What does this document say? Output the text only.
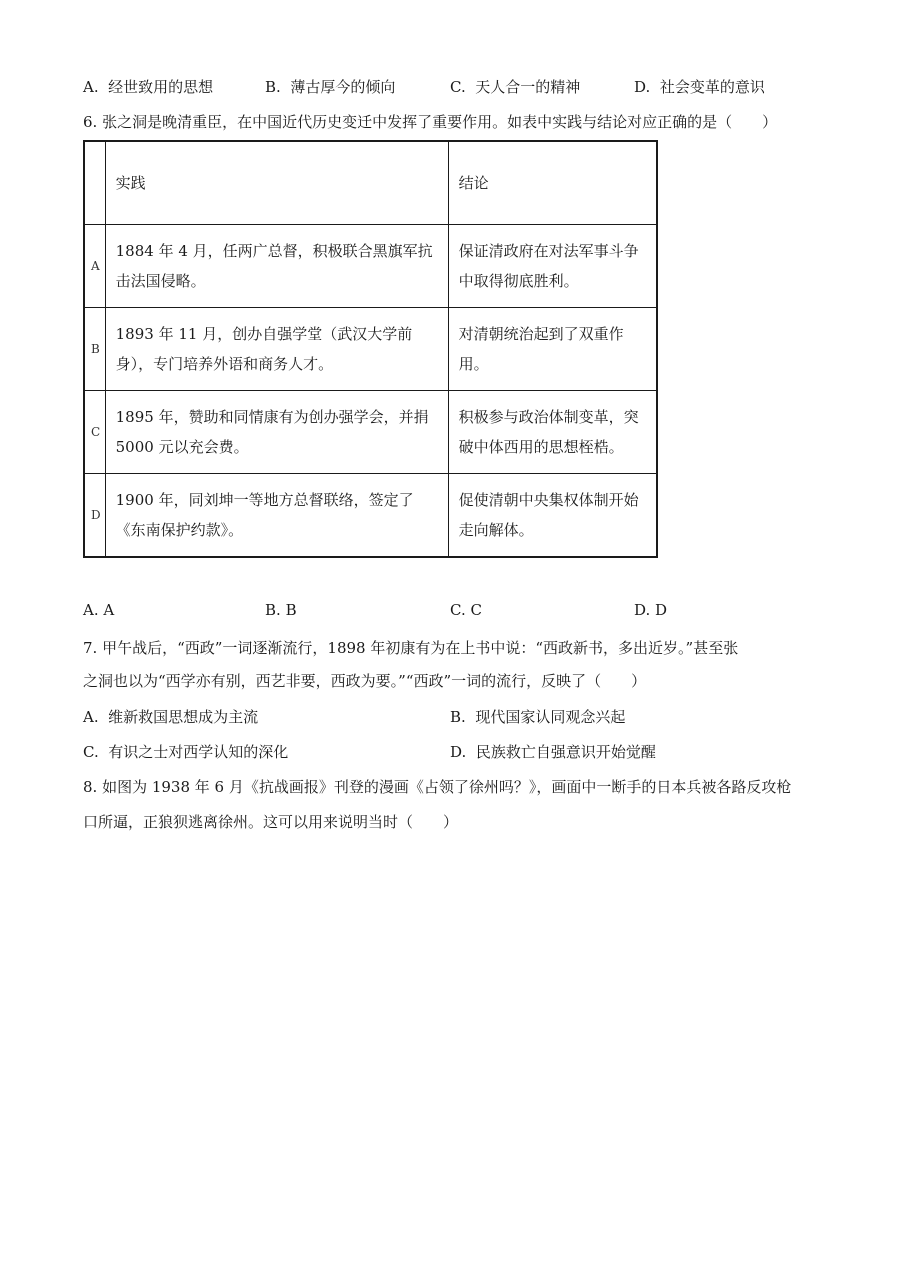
A. 经世致用的思想	B. 薄古厚今的倾向	C. 天人合一的精神	D. 社会变革的意识
6. 张之洞是晚清重臣，在中国近代历史变迁中发挥了重要作用。如表中实践与结论对应正确的是（　　）
	实践	结论
A	1884 年 4 月，任两广总督，积极联合黑旗军抗击法国侵略。	保证清政府在对法军事斗争中取得彻底胜利。
B	1893 年 11 月，创办自强学堂（武汉大学前身），专门培养外语和商务人才。	对清朝统治起到了双重作用。
C	1895 年，赞助和同情康有为创办强学会，并捐 5000 元以充会费。	积极参与政治体制变革，突破中体西用的思想桎梏。
D	1900 年，同刘坤一等地方总督联络，签定了《东南保护约款》。	促使清朝中央集权体制开始走向解体。
A. A	B. B	C. C	D. D
7. 甲午战后，“西政”一词逐渐流行，1898 年初康有为在上书中说：“西政新书，多出近岁。”甚至张
之洞也以为“西学亦有别，西艺非要，西政为要。”“西政”一词的流行，反映了（　　）
A. 维新救国思想成为主流	B. 现代国家认同观念兴起
C. 有识之士对西学认知的深化	D. 民族救亡自强意识开始觉醒
8. 如图为 1938 年 6 月《抗战画报》刊登的漫画《占领了徐州吗？》，画面中一断手的日本兵被各路反攻枪
口所逼，正狼狈逃离徐州。这可以用来说明当时（　　）
